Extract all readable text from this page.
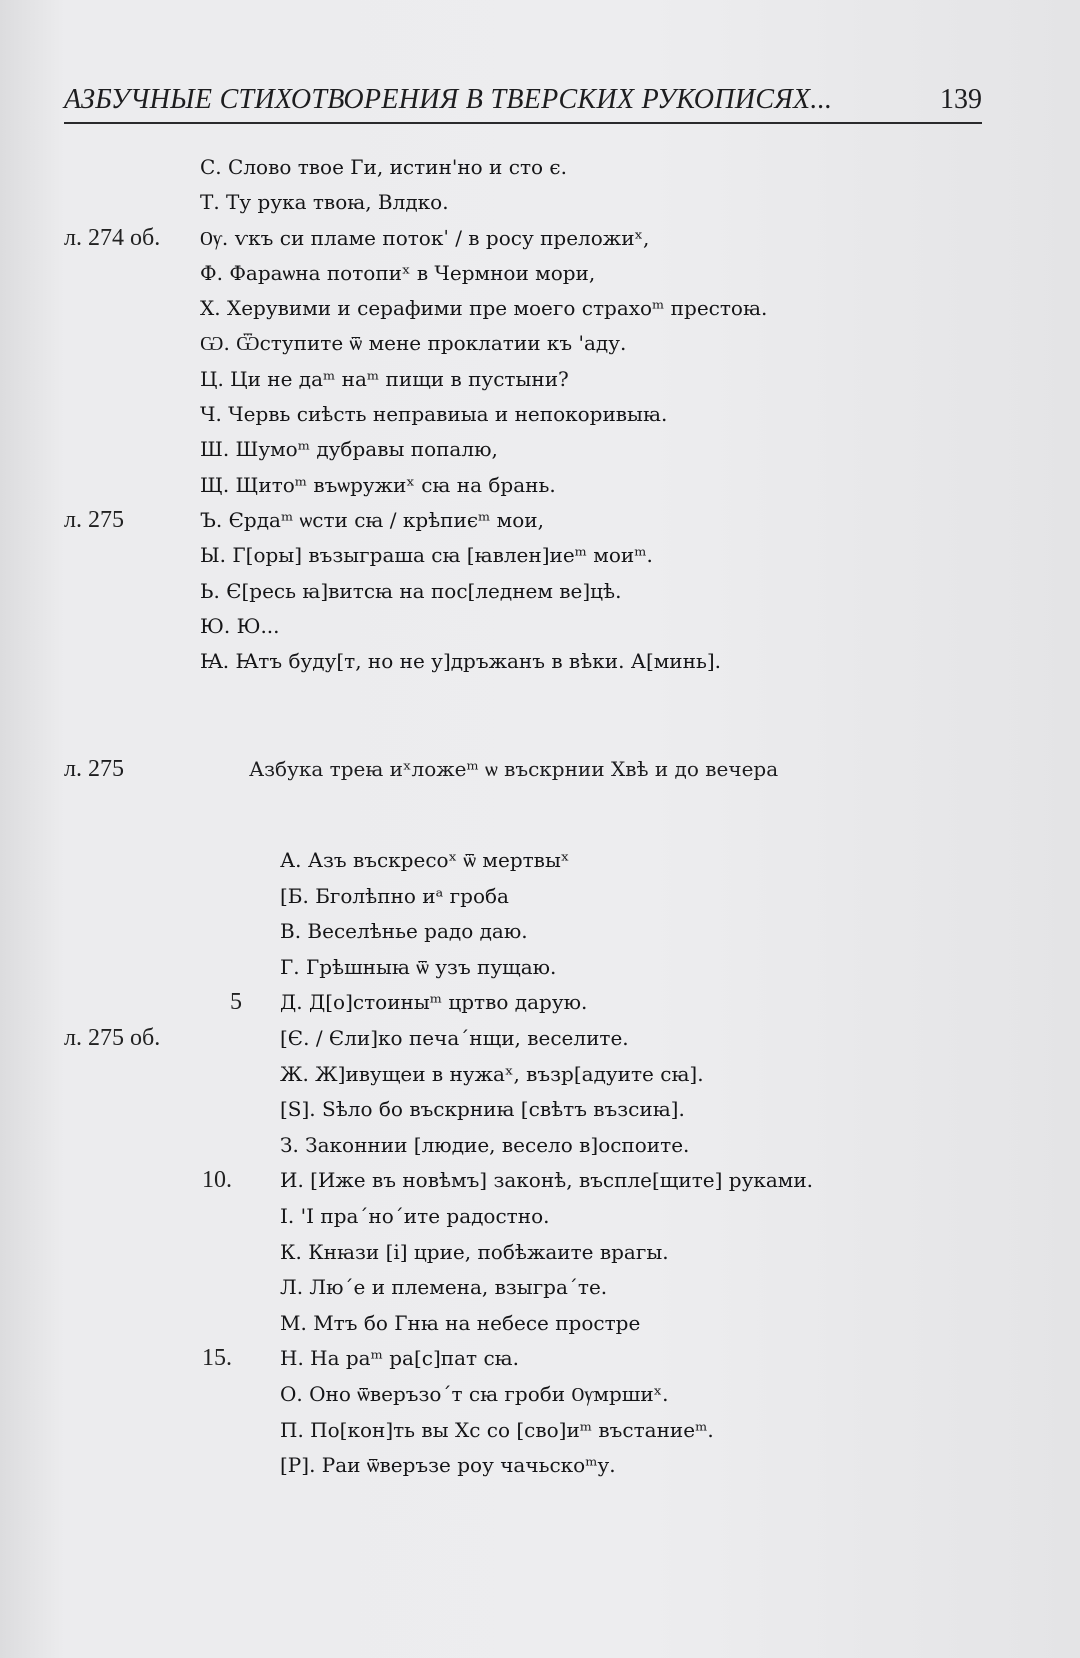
АЗБУЧНЫЕ СТИХОТВОРЕНИЯ В ТВЕРСКИХ РУКОПИСЯХ...	139
С. Слово твое Ги, истин'но и сто є.
Т. Ту рука твоꙗ, Влдко.
л. 274 об. Ѹ. ѵкъ си пламе потокˈ / в росу преложиˣ,
Ф. Фараѡна потопиˣ в Чермнои мори,
Х. Херувими и серафими пре моего страхоᵐ престоꙗ.
Ѡ. Ѿступите ѿ мене проклатии къ 'аду.
Ц. Ци не даᵐ наᵐ пищи в пустыни?
Ч. Червь сиѣсть неправиыа и непокоривыꙗ.
Ш. Шумоᵐ дубравы попалю,
Щ. Щитоᵐ въѡружиˣ сꙗ на брань.
л. 275	Ъ. Єрдаᵐ ѡсти сꙗ / крѣпиєᵐ мои,
Ы. Г[оры] възыграша сꙗ [ꙗвлен]иеᵐ моиᵐ.
Ь. Є[ресь ꙗ]витсꙗ на пос[леднем ве]цѣ.
Ю. Ю...
Ꙗ. Ꙗтъ буду[т, но не у]дръжанъ в вѣки. А[минь].
л. 275	Азбука треꙗ иˣложеᵐ ѡ въскрнии Хвѣ и до вечера
А. Азъ въскресоˣ ѿ мертвыˣ
[Б. Бголѣпно иᵃ гроба
В. Веселѣнье радо даю.
Г. Грѣшныꙗ ѿ узъ пущаю.
5 Д. Д[о]стоиныᵐ цртво дарую.
л. 275 об.	[Є. / Єли]ко печаˊнщи, веселите.
Ж. Ж]ивущеи в нужаˣ, възр[адуите сꙗ].
[Ѕ]. Ѕѣло бо въскрниꙗ [свѣтъ възсиꙗ].
З. Законнии [людие, весело в]оспоите.
10. И. [Иже въ новѣмъ] законѣ, въспле[щите] руками.
І. 'І праˊноˊите радостно.
К. Кнꙗзи [і] црие, побѣжаите врагы.
Л. Люˊе и племена, взыграˊте.
М. Мтъ бо Гнꙗ на небесе простре
15. Н. На раᵐ ра[с]пат сꙗ.
О. Оно ѿверъзоˊт сꙗ гроби Ѹмршиˣ.
П. По[кон]ть вы Хс со [сво]иᵐ въстаниеᵐ.
[Р]. Раи ѿверъзе роу чачьскоᵐу.
